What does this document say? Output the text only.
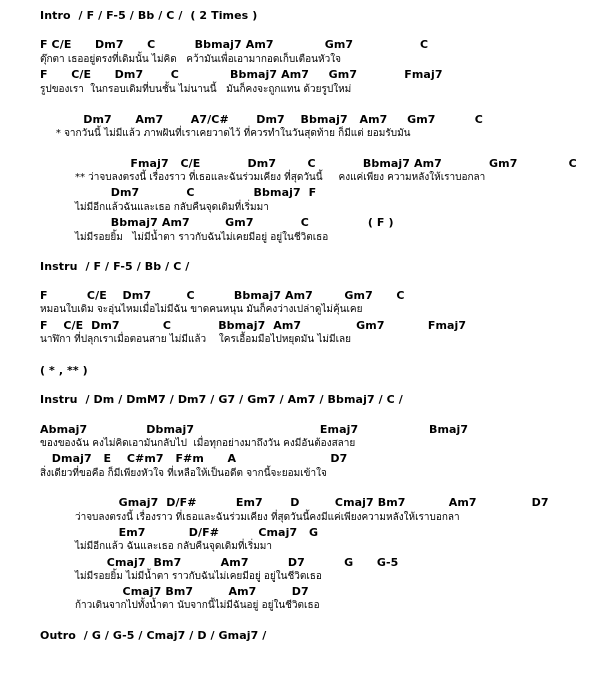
Intro  / F / F-5 / Bb / C /  ( 2 Times )
F C/E      Dm7      C          Bbmaj7 Am7             Gm7                 C
ตุ๊กตา เธออยู่ตรงที่เดิมนั้น ไม่คิด   คว้ามันเพื่อเอามากอดเก็บเตือนหัวใจ
F      C/E      Dm7       C             Bbmaj7 Am7     Gm7            Fmaj7
รูปของเรา  ในกรอบเดิมที่บนชั้น ไม่นานนี้   มันก็คงจะถูกแทน ด้วยรูปใหม่
Dm7      Am7       A7/C#       Dm7    Bbmaj7   Am7     Gm7          C
* จากวันนี้ ไม่มีแล้ว ภาพฝันที่เราเคยวาดไว้ ที่ควรทำในวันสุดท้าย ก็มีแต่ ยอมรับมัน
Fmaj7   C/E            Dm7        C            Bbmaj7 Am7            Gm7             C
** ว่าจบลงตรงนี้ เรื่องราว ที่เธอและฉันร่วมเคียง ที่สุดวันนี้     คงแค่เพียง ความหลังให้เราบอกลา
Dm7            C               Bbmaj7  F
ไม่มีอีกแล้วฉันและเธอ กลับคืนจุดเดิมที่เริ่มมา
Bbmaj7 Am7         Gm7            C               ( F )
ไม่มีรอยยิ้ม   ไม่มีน้ำตา ราวกับฉันไม่เคยมีอยู่ อยู่ในชีวิตเธอ
Instru  / F / F-5 / Bb / C /
F          C/E    Dm7         C          Bbmaj7 Am7        Gm7      C
หมอนใบเดิม จะอุ่นไหมเมื่อไม่มีฉัน ขาดคนหนุน มันก็คงว่างเปล่าดูไม่คุ้นเคย
F    C/E  Dm7           C            Bbmaj7  Am7              Gm7           Fmaj7
นาฬิกา ที่ปลุกเราเมื่อตอนสาย ไม่มีแล้ว    ใครเอื้อมมือไปหยุดมัน ไม่มีเลย
( * , ** )
Instru  / Dm / DmM7 / Dm7 / G7 / Gm7 / Am7 / Bbmaj7 / C /
Abmaj7               Dbmaj7                                Emaj7                  Bmaj7
ของของฉัน คงไม่คิดเอามันกลับไป  เมื่อทุกอย่างมาถึงวัน คงมีอันต้องสลาย
Dmaj7   E    C#m7   F#m      A                        D7
สิ่งเดียวที่ขอคือ ก็มีเพียงหัวใจ ที่เหลือให้เป็นอดีต จากนี้จะยอมเข้าใจ
Gmaj7  D/F#          Em7       D         Cmaj7 Bm7           Am7              D7
ว่าจบลงตรงนี้ เรื่องราว ที่เธอและฉันร่วมเคียง ที่สุดวันนี้คงมีแค่เพียงความหลังให้เราบอกลา
Em7           D/F#          Cmaj7   G
ไม่มีอีกแล้ว ฉันและเธอ กลับคืนจุดเดิมที่เริ่มมา
Cmaj7  Bm7          Am7          D7          G      G-5
ไม่มีรอยยิ้ม ไม่มีน้ำตา ราวกับฉันไม่เคยมีอยู่ อยู่ในชีวิตเธอ
Cmaj7 Bm7         Am7         D7
ก้าวเดินจากไปทั้งน้ำตา นับจากนี้ไม่มีฉันอยู่ อยู่ในชีวิตเธอ
Outro  / G / G-5 / Cmaj7 / D / Gmaj7 /
